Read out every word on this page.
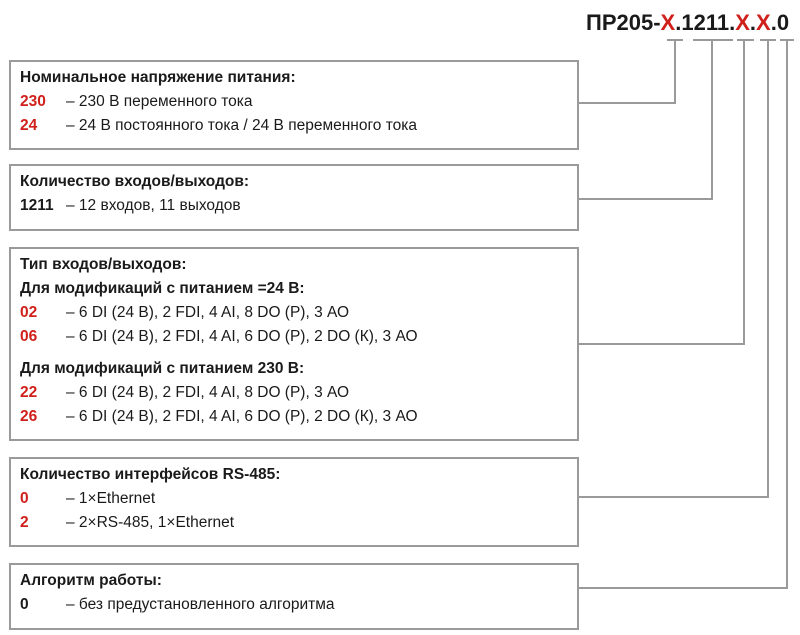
ПР205-Х.1211.Х.Х.0
Номинальное напряжение питания:
230	– 230 В переменного тока
24	– 24 В постоянного тока / 24 В переменного тока
Количество входов/выходов:
1211 – 12 входов, 11 выходов
Тип входов/выходов:
Для модификаций с питанием =24 В:
02	– 6 DI (24 В), 2 FDI, 4 AI, 8 DO (Р), 3 АО
06	– 6 DI (24 В), 2 FDI, 4 AI, 6 DO (Р), 2 DO (К), 3 АО
Для модификаций с питанием 230 В:
22	– 6 DI (24 В), 2 FDI, 4 AI, 8 DO (Р), 3 АО
26	– 6 DI (24 В), 2 FDI, 4 AI, 6 DO (Р), 2 DO (К), 3 АО
Количество интерфейсов RS-485:
0	– 1×Ethernet
2	– 2×RS-485, 1×Ethernet
Алгоритм работы:
0	– без предустановленного алгоритма
